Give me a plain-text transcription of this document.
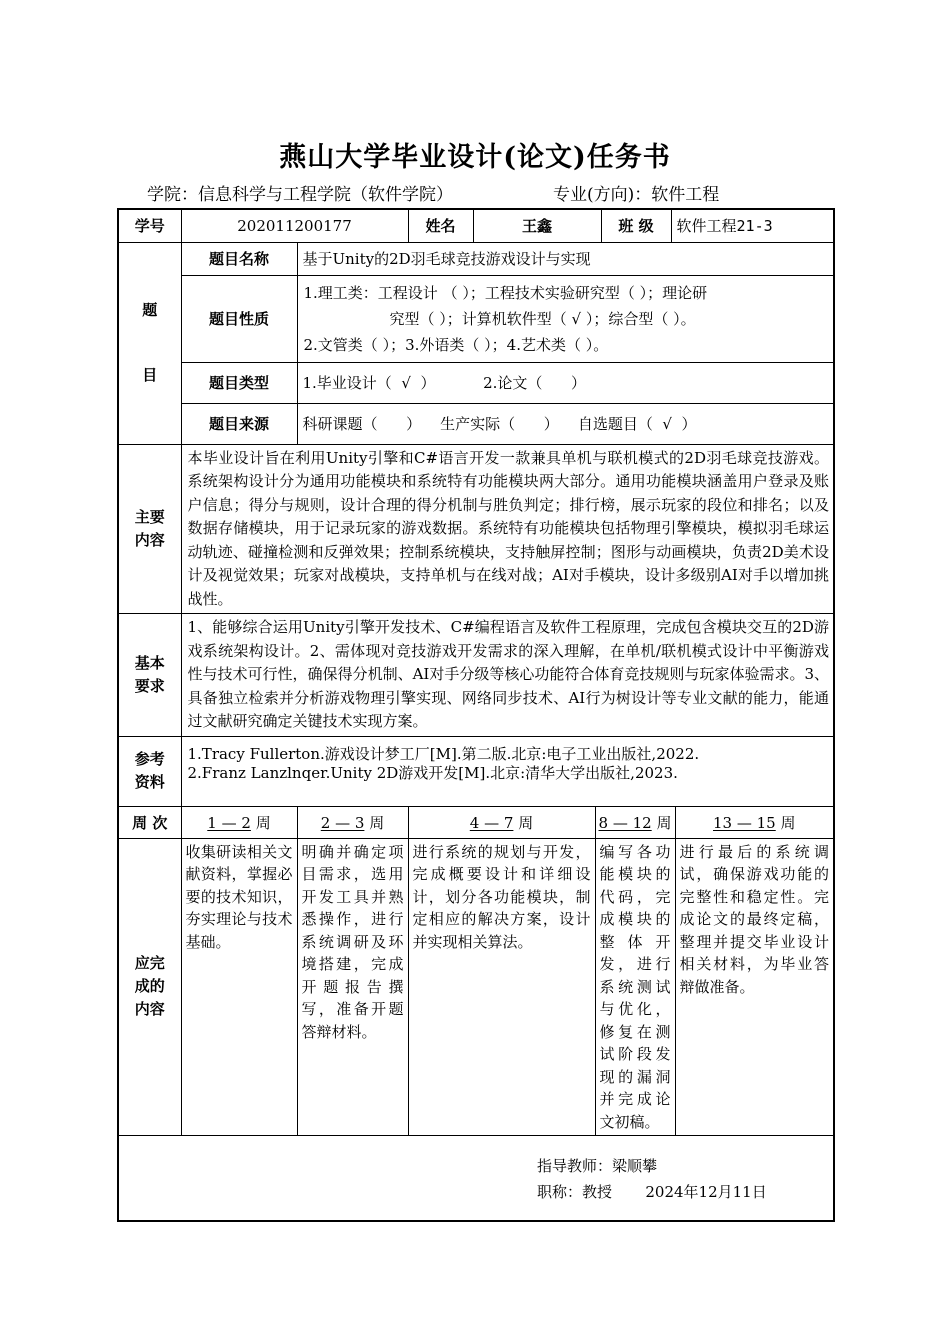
燕山大学毕业设计(论文)任务书
学院：信息科学与工程学院（软件学院）	专业(方向)：软件工程
学号	202011200177		姓名	王鑫		班 级	软件工程21-3	

题
目	题目名称	基于Unity的2D羽毛球竞技游戏设计与实现						
	题目性质	1.理工类：工程设计 （ ）；工程技术实验研究型（ ）；理论研
究型（ ）；计算机软件型（ √ ）；综合型（ ）。
2.文管类（ ）；3.外语类（ ）；4.艺术类（ ）。						

	题目类型	1.毕业设计（  √  ）          2.论文（      ）						
	题目来源	科研课题（      ）    生产实际（      ）    自选题目（  √  ）						

主要内容	本毕业设计旨在利用Unity引擎和C#语言开发一款兼具单机与联机模式的2D羽毛球竞技游戏。系统架构设计分为通用功能模块和系统特有功能模块两大部分。通用功能模块涵盖用户登录及账户信息；得分与规则，设计合理的得分机制与胜负判定；排行榜，展示玩家的段位和排名；以及数据存储模块，用于记录玩家的游戏数据。系统特有功能模块包括物理引擎模块，模拟羽毛球运动轨迹、碰撞检测和反弹效果；控制系统模块，支持触屏控制；图形与动画模块，负责2D美术设计及视觉效果；玩家对战模块，支持单机与在线对战；AI对手模块，设计多级别AI对手以增加挑战性。							

基本要求	1、能够综合运用Unity引擎开发技术、C#编程语言及软件工程原理，完成包含模块交互的2D游戏系统架构设计。2、需体现对竞技游戏开发需求的深入理解，在单机/联机模式设计中平衡游戏性与技术可行性，确保得分机制、AI对手分级等核心功能符合体育竞技规则与玩家体验需求。3、具备独立检索并分析游戏物理引擎实现、网络同步技术、AI行为树设计等专业文献的能力，能通过文献研究确定关键技术实现方案。							

参考资料	1.Tracy Fullerton.游戏设计梦工厂[M].第二版.北京:电子工业出版社,2022.
2.Franz Lanzlnqer.Unity 2D游戏开发[M].北京:清华大学出版社,2023.							

周 次	1 — 2 周	2 — 3 周	4 — 7 周		8 — 12 周			13 — 15 周

应完成的内容	收集研读相关文献资料，掌握必要的技术知识，夯实理论与技术基础。	明确并确定项目需求，选用开发工具并熟悉操作，进行系统调研及环境搭建，完成开题报告撰写，准备开题答辩材料。	进行系统的规划与开发，完成概要设计和详细设计，划分各功能模块，制定相应的解决方案，设计并实现相关算法。		编写各功能模块的代码，完成模块的整体开发，进行系统测试与优化，修复在测试阶段发现的漏洞并完成论文初稿。			进行最后的系统调试，确保游戏功能的完整性和稳定性。完成论文的最终定稿，整理并提交毕业设计相关材料，为毕业答辩做准备。

指导教师：梁顺攀
职称：教授       2024年12月11日								
